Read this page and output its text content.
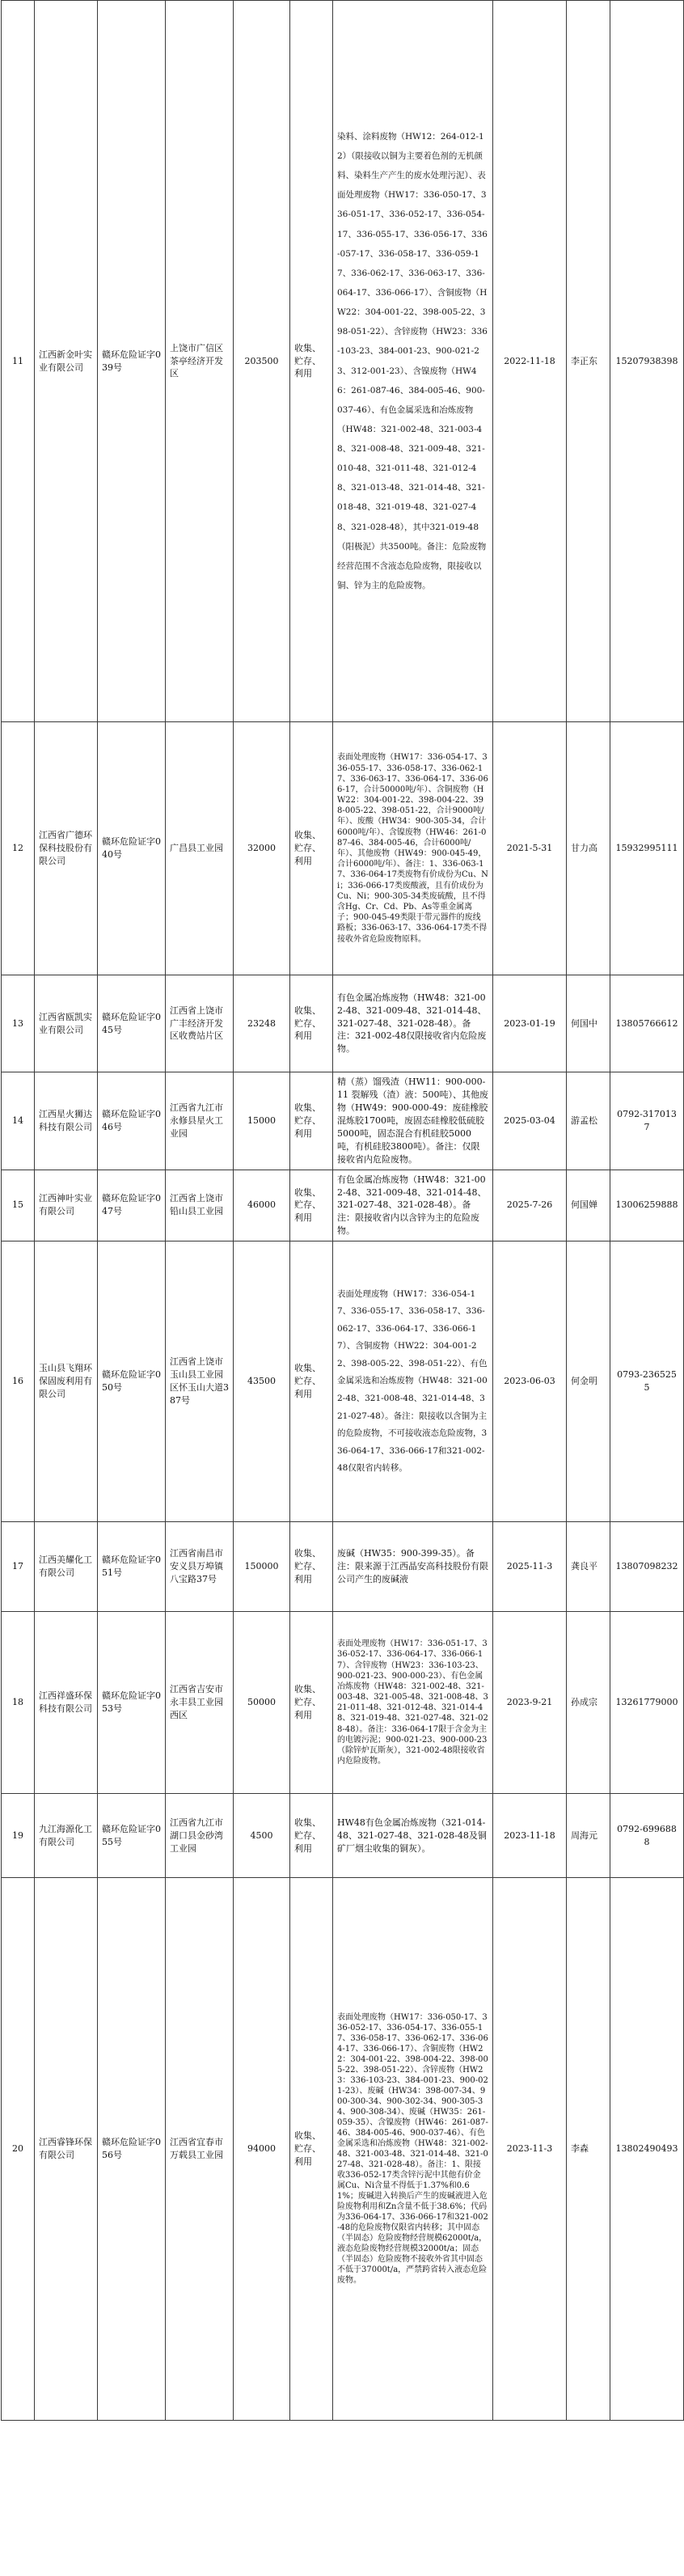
11	江西新金叶实业有限公司	赣环危险证字039号	上饶市广信区茶亭经济开发区	203500	收集、贮存、利用	染料、涂料废物（HW12：264-012-12）（限接收以铜为主要着色剂的无机颜料、染料生产产生的废水处理污泥）、表面处理废物（HW17：336-050-17、336-051-17、336-052-17、336-054-17、336-055-17、336-056-17、336-057-17、336-058-17、336-059-17、336-062-17、336-063-17、336-064-17、336-066-17）、含铜废物（HW22：304-001-22、398-005-22、398-051-22）、含锌废物（HW23：336-103-23、384-001-23、900-021-23、312-001-23）、含镍废物（HW46：261-087-46、384-005-46、900-037-46）、有色金属采选和冶炼废物（HW48：321-002-48、321-003-48、321-008-48、321-009-48、321-010-48、321-011-48、321-012-48、321-013-48、321-014-48、321-018-48、321-019-48、321-027-48、321-028-48），其中321-019-48（阳极泥）共3500吨。备注：危险废物经营范围不含液态危险废物，限接收以铜、锌为主的危险废物。	2022-11-18	李正东	15207938398
12	江西省广德环保科技股份有限公司	赣环危险证字040号	广昌县工业园	32000	收集、贮存、利用	表面处理废物（HW17：336-054-17、336-055-17、336-058-17、336-062-17、336-063-17、336-064-17、336-066-17，合计50000吨/年）、含铜废物（HW22：304-001-22、398-004-22、398-005-22、398-051-22，合计9000吨/年）、废酸（HW34：900-305-34，合计6000吨/年）、含镍废物（HW46：261-087-46、384-005-46，合计6000吨/年）、其他废物（HW49：900-045-49，合计6000吨/年）、备注：1、336-063-17、336-064-17类废物有价成份为Cu、Ni；336-066-17类废酸液，且有价成份为Cu、Ni；900-305-34类废硫酸，且不得含Hg、Cr、Cd、Pb、As等重金属离子；900-045-49类限于带元器件的废线路板；336-063-17、336-064-17类不得接收外省危险废物原料。	2021-5-31	甘力高	15932995111
13	江西省瓯凯实业有限公司	赣环危险证字045号	江西省上饶市广丰经济开发区收费站片区	23248	收集、贮存、利用	有色金属冶炼废物（HW48：321-002-48、321-009-48、321-014-48、321-027-48、321-028-48）。备注：321-002-48仅限接收省内危险废物。	2023-01-19	何国中	13805766612
14	江西星火狮达科技有限公司	赣环危险证字046号	江西省九江市永修县星火工业园	15000	收集、贮存、利用	精（蒸）馏残渣（HW11：900-000-11 裂解残（渣）液：500吨）、其他废物（HW49：900-000-49：废硅橡胶混炼胶1700吨，废固态硅橡胶低硫胶5000吨，固态混合有机硅胶5000吨，有机硅胶3800吨）。备注：仅限接收省内危险废物。	2025-03-04	游孟松	0792-3170137
15	江西神叶实业有限公司	赣环危险证字047号	江西省上饶市铅山县工业园	46000	收集、贮存、利用	有色金属冶炼废物（HW48：321-002-48、321-009-48、321-014-48、321-027-48、321-028-48）。备注：限接收省内以含锌为主的危险废物。	2025-7-26	何国婵	13006259888
16	玉山县飞翔环保固废利用有限公司	赣环危险证字050号	江西省上饶市玉山县工业园区怀玉山大道387号	43500	收集、贮存、利用	表面处理废物（HW17：336-054-17、336-055-17、336-058-17、336-062-17、336-064-17、336-066-17）、含铜废物（HW22：304-001-22、398-005-22、398-051-22）、有色金属采选和冶炼废物（HW48：321-002-48、321-008-48、321-014-48、321-027-48）。备注：限接收以含铜为主的危险废物，不可接收液态危险废物，336-064-17、336-066-17和321-002-48仅限省内转移。	2023-06-03	何金明	0793-2365255
17	江西美耀化工有限公司	赣环危险证字051号	江西省南昌市安义县万埠镇八宝路37号	150000	收集、贮存、利用	废碱（HW35：900-399-35）。备注：限来源于江西晶安高科技股份有限公司产生的废碱液	2025-11-3	龚良平	13807098232
18	江西祥盛环保科技有限公司	赣环危险证字053号	江西省吉安市永丰县工业园西区	50000	收集、贮存、利用	表面处理废物（HW17：336-051-17、336-052-17、336-064-17、336-066-17）、含锌废物（HW23：336-103-23、900-021-23、900-000-23）、有色金属冶炼废物（HW48：321-002-48、321-003-48、321-005-48、321-008-48、321-011-48、321-012-48、321-014-48、321-019-48、321-027-48、321-028-48）。备注：336-064-17限于含金为主的电镀污泥；900-021-23、900-000-23（除锌炉瓦斯灰），321-002-48限接收省内危险废物。	2023-9-21	孙成宗	13261779000
19	九江海源化工有限公司	赣环危险证字055号	江西省九江市湖口县金砂湾工业园	4500	收集、贮存、利用	HW48有色金属冶炼废物（321-014-48、321-027-48、321-028-48及铜矿厂烟尘收集的铜灰）。	2023-11-18	周海元	0792-6996888
20	江西睿锋环保有限公司	赣环危险证字056号	江西省宜春市万载县工业园	94000	收集、贮存、利用	表面处理废物（HW17：336-050-17、336-052-17、336-054-17、336-055-17、336-058-17、336-062-17、336-064-17、336-066-17）、含铜废物（HW22：304-001-22、398-004-22、398-005-22、398-051-22）、含锌废物（HW23：336-103-23、384-001-23、900-021-23）、废碱（HW34：398-007-34、900-300-34、900-302-34、900-305-34、900-308-34）、废碱（HW35：261-059-35）、含镍废物（HW46：261-087-46、384-005-46、900-037-46）、有色金属采选和冶炼废物（HW48：321-002-48、321-003-48、321-014-48、321-027-48、321-028-48）。备注：1、限接收336-052-17类含锌污泥中其他有价金属Cu、Ni含量不得低于1.37%和0.61%；废碱进入转换后产生的废碱液进入危险废物利用和Zn含量不低于38.6%；代码为336-064-17、336-066-17和321-002-48的危险废物仅限省内转移；其中固态（半固态）危险废物经营规模62000t/a，液态危险废物经营规模32000t/a；固态（半固态）危险废物不接收外省其中固态不低于37000t/a，严禁跨省转入液态危险废物。	2023-11-3	李森	13802490493
